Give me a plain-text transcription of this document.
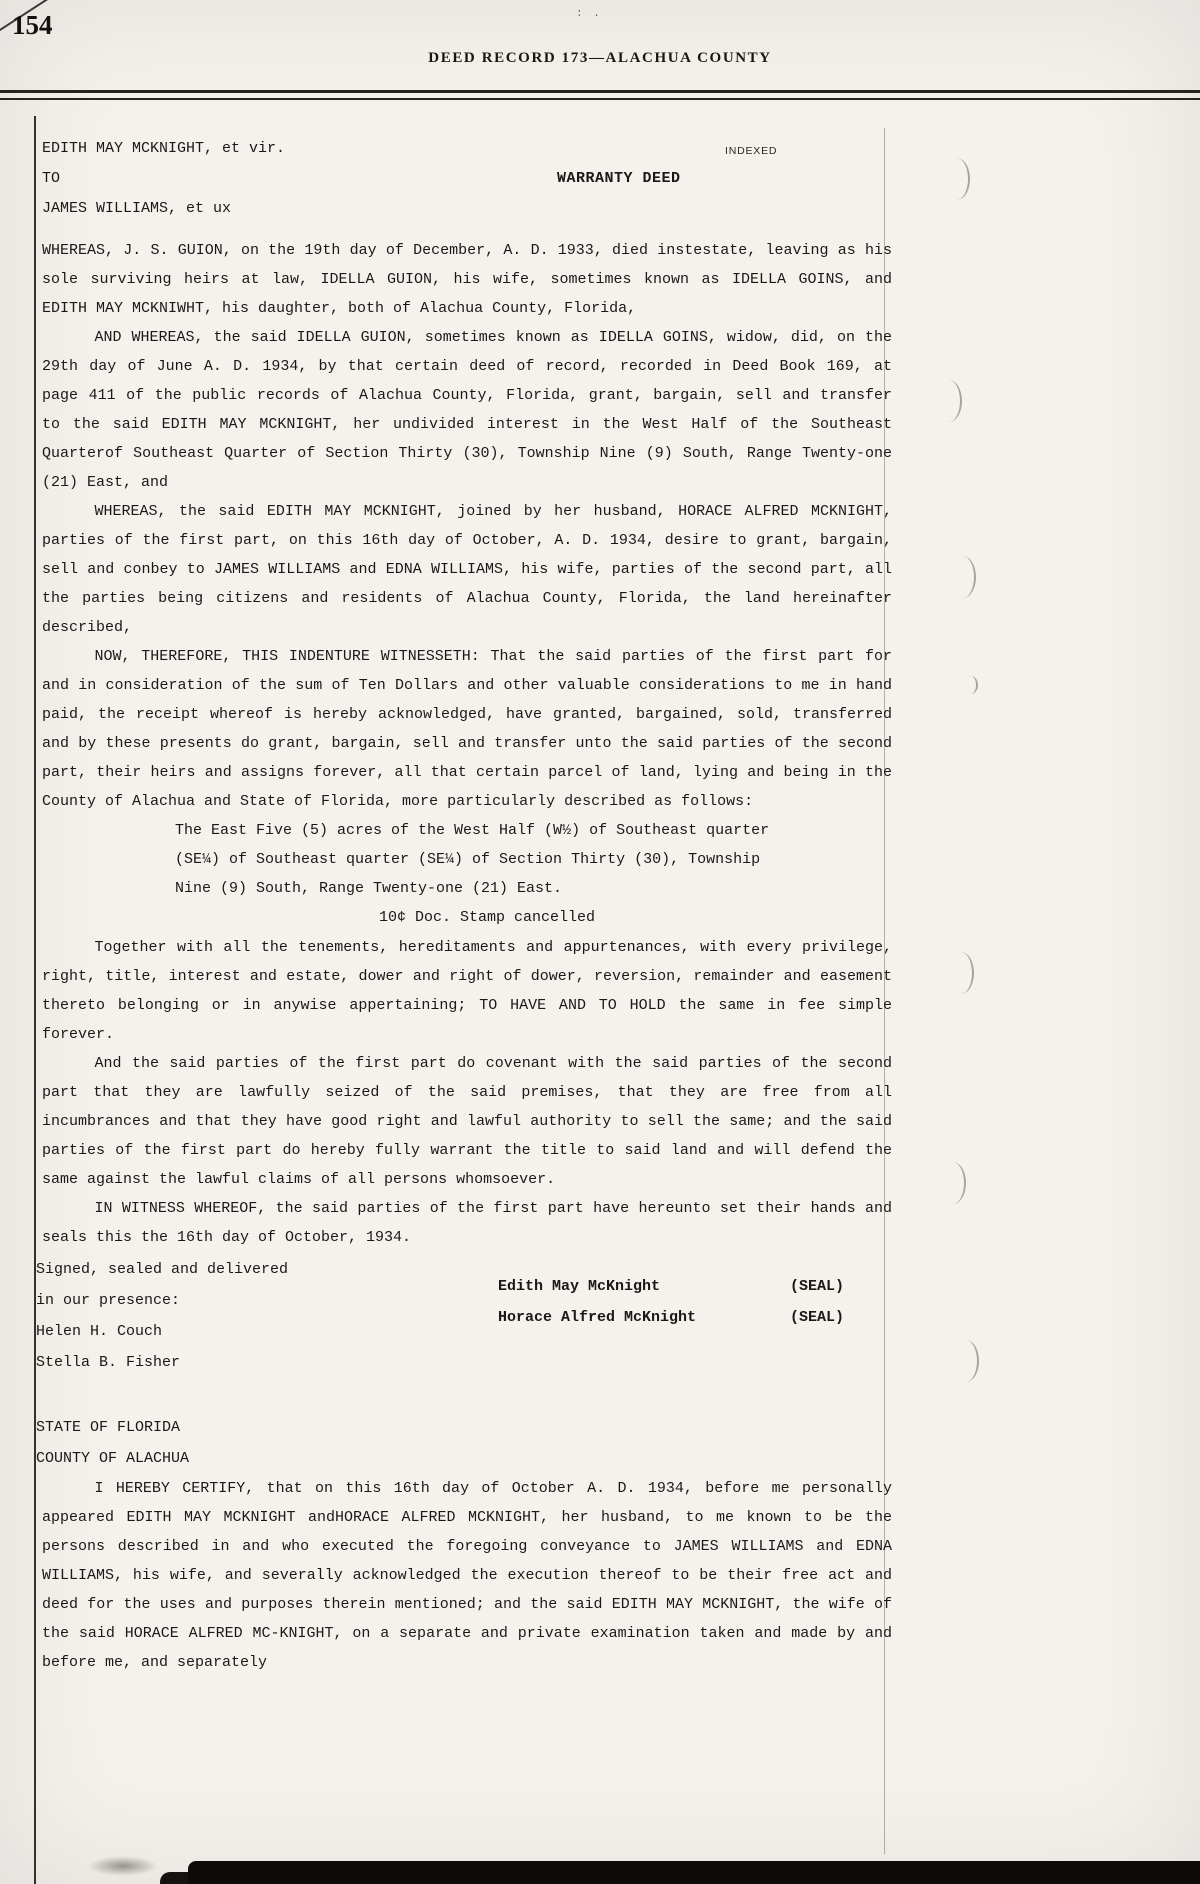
154	: .
DEED RECORD 173—ALACHUA COUNTY
EDITH MAY MCKNIGHT, et vir.	INDEXED
TO	WARRANTY DEED
JAMES WILLIAMS, et ux

WHEREAS, J. S. GUION, on the 19th day of December, A. D. 1933, died instestate, leaving as his sole surviving heirs at law, IDELLA GUION, his wife, sometimes known as IDELLA GOINS, and EDITH MAY MCKNIWHT, his daughter, both of Alachua County, Florida,

AND WHEREAS, the said IDELLA GUION, sometimes known as IDELLA GOINS, widow, did, on the 29th day of June A. D. 1934, by that certain deed of record, recorded in Deed Book 169, at page 411 of the public records of Alachua County, Florida, grant, bargain, sell and transfer to the said EDITH MAY MCKNIGHT, her undivided interest in the West Half of the Southeast Quarterof Southeast Quarter of Section Thirty (30), Township Nine (9) South, Range Twenty-one (21) East, and

WHEREAS, the said EDITH MAY MCKNIGHT, joined by her husband, HORACE ALFRED MCKNIGHT, parties of the first part, on this 16th day of October, A. D. 1934, desire to grant, bargain, sell and conbey to JAMES WILLIAMS and EDNA WILLIAMS, his wife, parties of the second part, all the parties being citizens and residents of Alachua County, Florida, the land hereinafter described,

NOW, THEREFORE, THIS INDENTURE WITNESSETH: That the said parties of the first part for and in consideration of the sum of Ten Dollars and other valuable considerations to me in hand paid, the receipt whereof is hereby acknowledged, have granted, bargained, sold, transferred and by these presents do grant, bargain, sell and transfer unto the said parties of the second part, their heirs and assigns forever, all that certain parcel of land, lying and being in the County of Alachua and State of Florida, more particularly described as follows:

The East Five (5) acres of the West Half (W½) of Southeast quarter
(SE¼) of Southeast quarter (SE¼) of Section Thirty (30), Township
Nine (9) South, Range Twenty-one (21) East.
10¢ Doc. Stamp cancelled

Together with all the tenements, hereditaments and appurtenances, with every privilege, right, title, interest and estate, dower and right of dower, reversion, remainder and easement thereto belonging or in anywise appertaining; TO HAVE AND TO HOLD the same in fee simple forever.

And the said parties of the first part do covenant with the said parties of the second part that they are lawfully seized of the said premises, that they are free from all incumbrances and that they have good right and lawful authority to sell the same; and the said parties of the first part do hereby fully warrant the title to said land and will defend the same against the lawful claims of all persons whomsoever.

IN WITNESS WHEREOF, the said parties of the first part have hereunto set their hands and seals this the 16th day of October, 1934.

Signed, sealed and delivered
in our presence:
Helen H. Couch
Stella B. Fisher
Edith May McKnight	(SEAL)
Horace Alfred McKnight	(SEAL)
STATE OF FLORIDA
COUNTY OF ALACHUA

I HEREBY CERTIFY, that on this 16th day of October A. D. 1934, before me personally appeared EDITH MAY MCKNIGHT andHORACE ALFRED MCKNIGHT, her husband, to me known to be the persons described in and who executed the foregoing conveyance to JAMES WILLIAMS and EDNA WILLIAMS, his wife, and severally acknowledged the execution thereof to be their free act and deed for the uses and purposes therein mentioned; and the said EDITH MAY MCKNIGHT, the wife of the said HORACE ALFRED MC-KNIGHT, on a separate and private examination taken and made by and before me, and separately
